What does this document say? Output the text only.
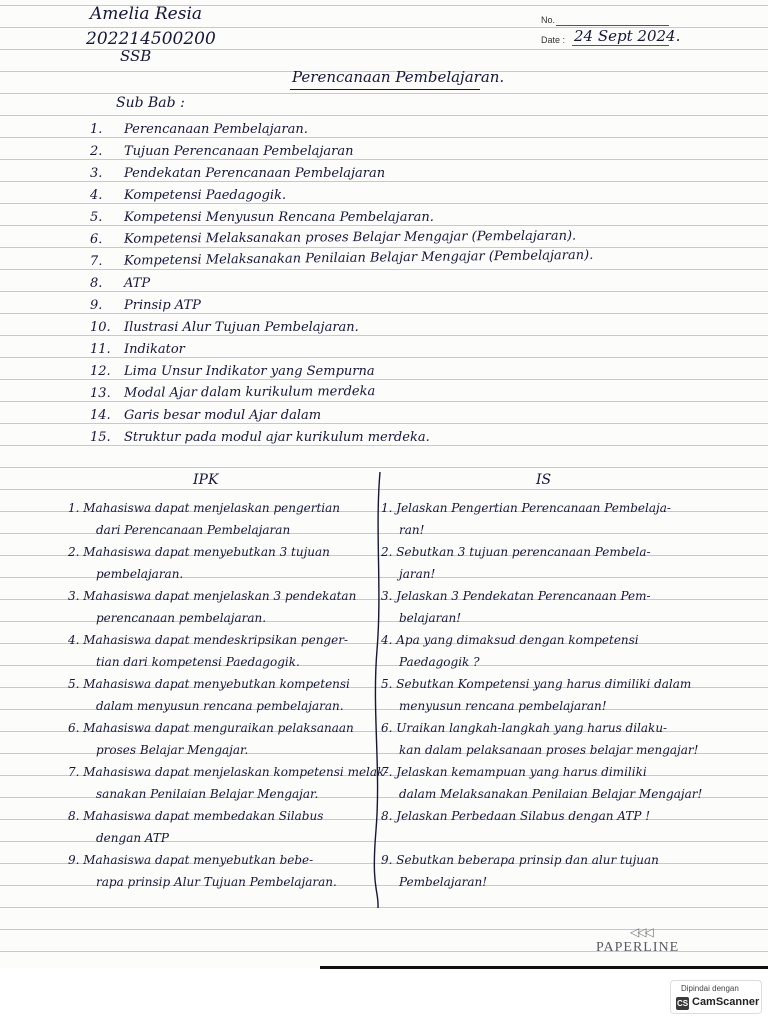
Amelia Resia
202214500200
SSB
No.
Date : 24 Sept 2024.
Perencanaan Pembelajaran.
Sub Bab :
1. Perencanaan Pembelajaran.
2. Tujuan Perencanaan Pembelajaran
3. Pendekatan Perencanaan Pembelajaran
4. Kompetensi Paedagogik.
5. Kompetensi Menyusun Rencana Pembelajaran.
6. Kompetensi Melaksanakan proses Belajar Mengajar (Pembelajaran).
7. Kompetensi Melaksanakan Penilaian Belajar Mengajar (Pembelajaran).
8. ATP
9. Prinsip ATP
10. Ilustrasi Alur Tujuan Pembelajaran.
11. Indikator
12. Lima Unsur Indikator yang Sempurna
13. Modal Ajar dalam kurikulum merdeka
14. Garis besar modul Ajar dalam
15. Struktur pada modul ajar kurikulum merdeka.
IPK	IS
1. Mahasiswa dapat menjelaskan pengertian
dari Perencanaan Pembelajaran
1. Jelaskan Pengertian Perencanaan Pembelaja-
ran!
2. Mahasiswa dapat menyebutkan 3 tujuan
pembelajaran.
2. Sebutkan 3 tujuan perencanaan Pembela-
jaran!
3. Mahasiswa dapat menjelaskan 3 pendekatan
perencanaan pembelajaran.
3. Jelaskan 3 Pendekatan Perencanaan Pem-
belajaran!
4. Mahasiswa dapat mendeskripsikan penger-
tian dari kompetensi Paedagogik.
4. Apa yang dimaksud dengan kompetensi
Paedagogik ?
5. Mahasiswa dapat menyebutkan kompetensi
dalam menyusun rencana pembelajaran.
5. Sebutkan Kompetensi yang harus dimiliki dalam
menyusun rencana pembelajaran!
6. Mahasiswa dapat menguraikan pelaksanaan
proses Belajar Mengajar.
6. Uraikan langkah-langkah yang harus dilaku-
kan dalam pelaksanaan proses belajar mengajar!
7. Mahasiswa dapat menjelaskan kompetensi melak-
sanakan Penilaian Belajar Mengajar.
7. Jelaskan kemampuan yang harus dimiliki
dalam Melaksanakan Penilaian Belajar Mengajar!
8. Mahasiswa dapat membedakan Silabus
dengan ATP
8. Jelaskan Perbedaan Silabus dengan ATP !
9. Mahasiswa dapat menyebutkan bebe-
rapa prinsip Alur Tujuan Pembelajaran.
9. Sebutkan beberapa prinsip dan alur tujuan
Pembelajaran!
◁◁◁
PAPERLINE
Dipindai dengan
CS CamScanner
